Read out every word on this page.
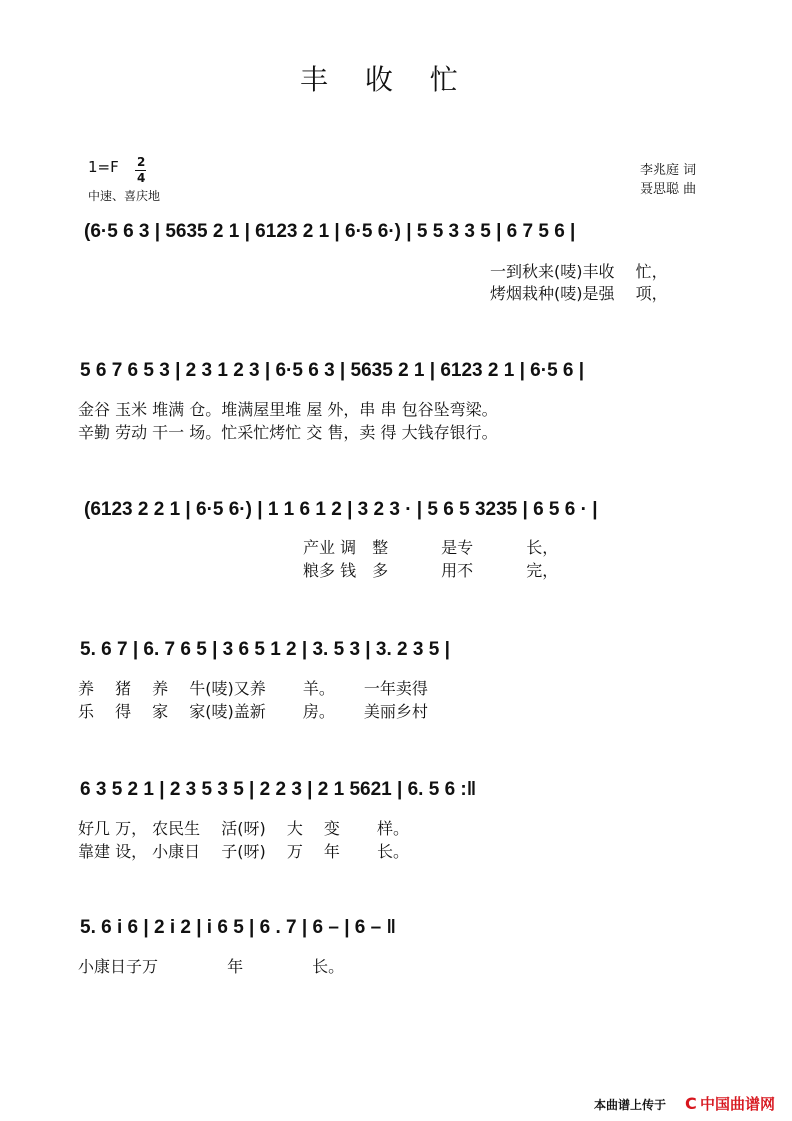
丰　 收　 忙
1=F 2
4
中速、喜庆地
李兆庭 词
聂思聪 曲
(6·5 6 3 | 5635 2 1 | 6123 2 1 | 6·5 6·) | 5 5 3 3 5 | 6 7 5 6 |
一到秋来(唛)丰收　 忙，
烤烟栽种(唛)是强　 项，
5 6 7 6 5 3 | 2 3 1 2 3 | 6·5 6 3 | 5635 2 1 | 6123 2 1 | 6·5 6 |
金谷 玉米 堆满 仓。堆满屋里堆 屋 外，串 串 包谷坠弯梁。
辛勤 劳动 干一 场。忙采忙烤忙 交 售，卖 得 大钱存银行。
(6123 2 2 1 | 6·5 6·) | 1 1 6 1 2 | 3 2 3 · | 5 6 5 3235 | 6 5 6 · |
产业 调　整　　　 是专　　　 长，
粮多 钱　多　　　 用不　　　 完，
5. 6 7 | 6. 7 6 5 | 3 6 5 1 2 | 3. 5 3 | 3. 2 3 5 |
养　 猪　 养　 牛(唛)又养　　 羊。　　 一年卖得
乐　 得　 家　 家(唛)盖新　　 房。　　 美丽乡村
6 3 5 2 1 | 2 3 5 3 5 | 2 2 3 | 2 1 5621 | 6. 5 6 :‖
好几 万， 农民生　 活(呀)　 大　 变　　 样。
靠建 设， 小康日　 子(呀)　 万　 年　　 长。
5. 6 i 6 | 2 i 2 | i 6 5 | 6 . 7 | 6 – | 6 – ‖
小康日子万　　　　 年　　　　 长。
本曲谱上传于 C 中国曲谱网
